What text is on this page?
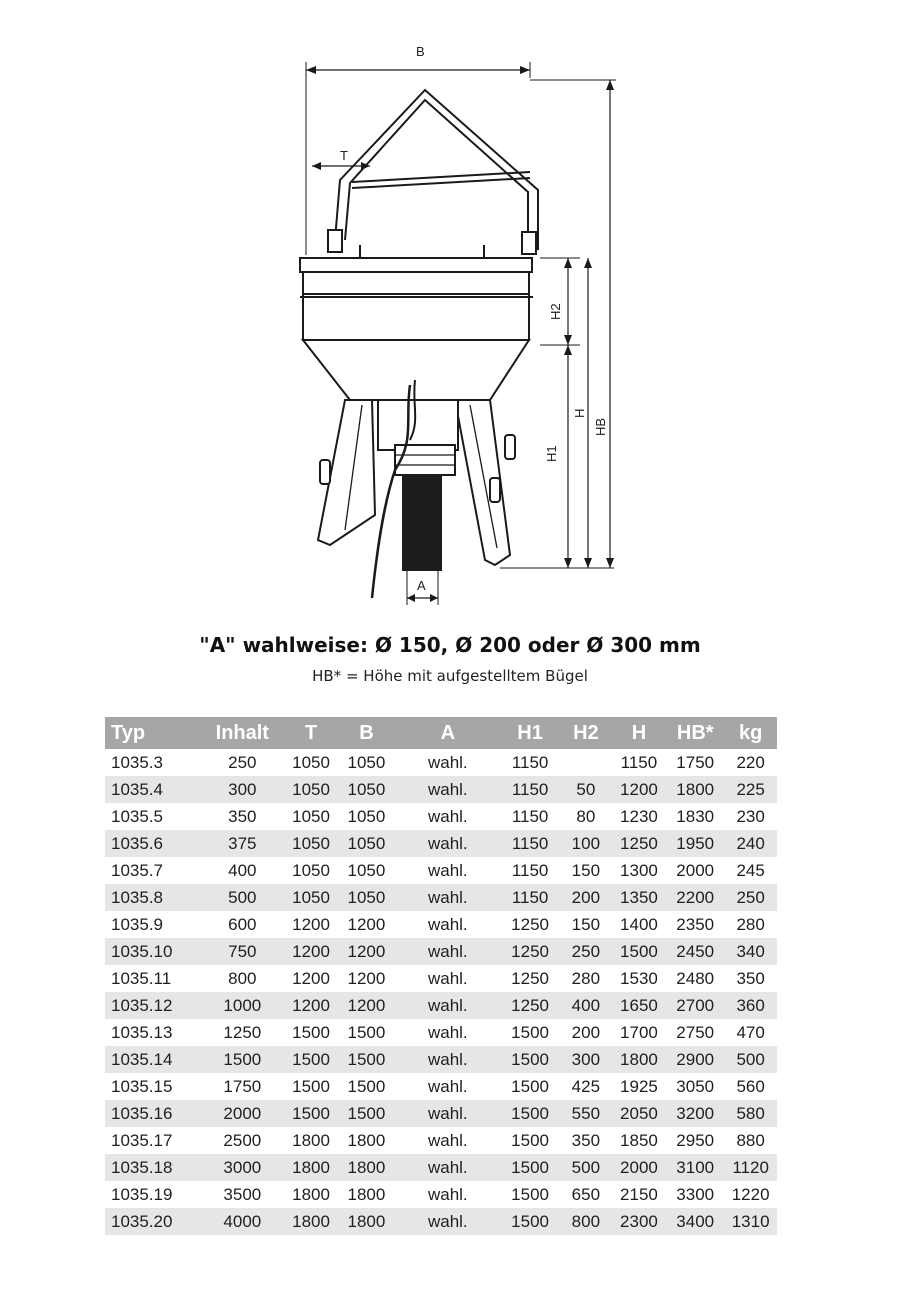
B
T
A
H2
H1
H
HB
"A" wahlweise: Ø 150, Ø 200 oder Ø 300 mm
HB* = Höhe mit aufgestelltem Bügel
Typ	Inhalt	T	B	A	H1	H2	H	HB*	kg
1035.3	250	1050	1050	wahl.	1150		1150	1750	220
1035.4	300	1050	1050	wahl.	1150	50	1200	1800	225
1035.5	350	1050	1050	wahl.	1150	80	1230	1830	230
1035.6	375	1050	1050	wahl.	1150	100	1250	1950	240
1035.7	400	1050	1050	wahl.	1150	150	1300	2000	245
1035.8	500	1050	1050	wahl.	1150	200	1350	2200	250
1035.9	600	1200	1200	wahl.	1250	150	1400	2350	280
1035.10	750	1200	1200	wahl.	1250	250	1500	2450	340
1035.11	800	1200	1200	wahl.	1250	280	1530	2480	350
1035.12	1000	1200	1200	wahl.	1250	400	1650	2700	360
1035.13	1250	1500	1500	wahl.	1500	200	1700	2750	470
1035.14	1500	1500	1500	wahl.	1500	300	1800	2900	500
1035.15	1750	1500	1500	wahl.	1500	425	1925	3050	560
1035.16	2000	1500	1500	wahl.	1500	550	2050	3200	580
1035.17	2500	1800	1800	wahl.	1500	350	1850	2950	880
1035.18	3000	1800	1800	wahl.	1500	500	2000	3100	1120
1035.19	3500	1800	1800	wahl.	1500	650	2150	3300	1220
1035.20	4000	1800	1800	wahl.	1500	800	2300	3400	1310
